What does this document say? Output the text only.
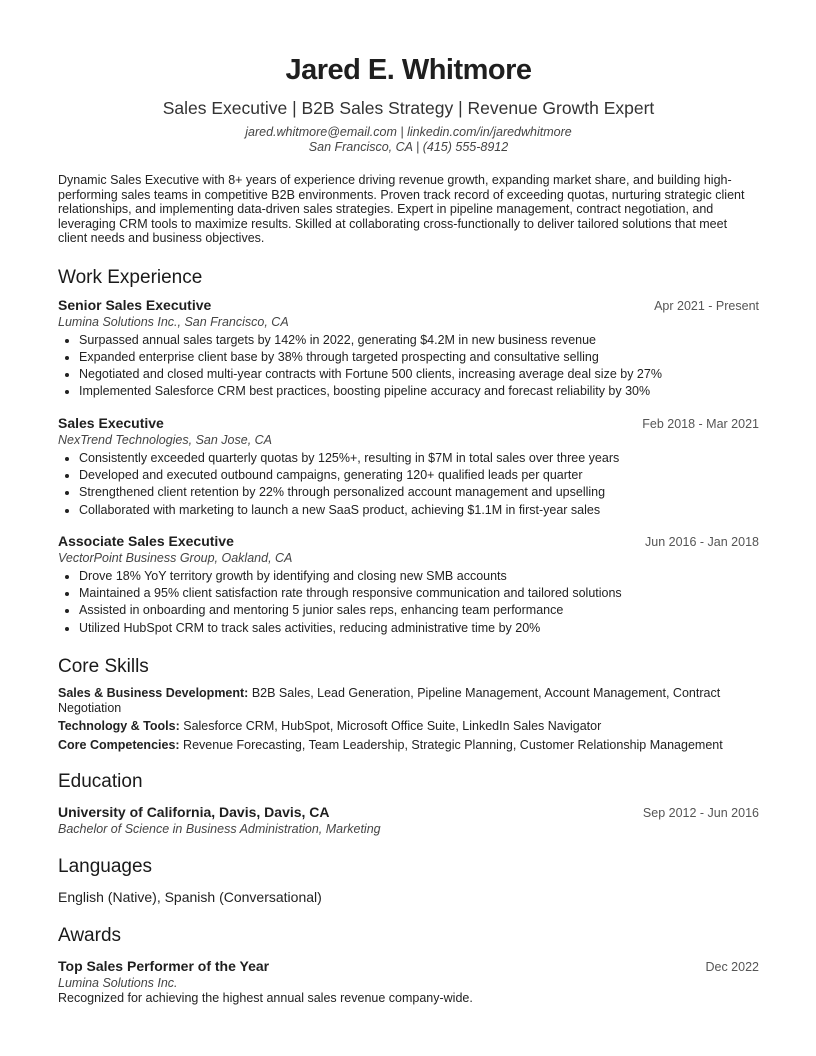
Jared E. Whitmore
Sales Executive | B2B Sales Strategy | Revenue Growth Expert
jared.whitmore@email.com | linkedin.com/in/jaredwhitmore
San Francisco, CA | (415) 555-8912
Dynamic Sales Executive with 8+ years of experience driving revenue growth, expanding market share, and building high-performing sales teams in competitive B2B environments. Proven track record of exceeding quotas, nurturing strategic client relationships, and implementing data-driven sales strategies. Expert in pipeline management, contract negotiation, and leveraging CRM tools to maximize results. Skilled at collaborating cross-functionally to deliver tailored solutions that meet client needs and business objectives.
Work Experience
Senior Sales Executive	Apr 2021 - Present
Lumina Solutions Inc., San Francisco, CA
• Surpassed annual sales targets by 142% in 2022, generating $4.2M in new business revenue
• Expanded enterprise client base by 38% through targeted prospecting and consultative selling
• Negotiated and closed multi-year contracts with Fortune 500 clients, increasing average deal size by 27%
• Implemented Salesforce CRM best practices, boosting pipeline accuracy and forecast reliability by 30%
Sales Executive	Feb 2018 - Mar 2021
NexTrend Technologies, San Jose, CA
• Consistently exceeded quarterly quotas by 125%+, resulting in $7M in total sales over three years
• Developed and executed outbound campaigns, generating 120+ qualified leads per quarter
• Strengthened client retention by 22% through personalized account management and upselling
• Collaborated with marketing to launch a new SaaS product, achieving $1.1M in first-year sales
Associate Sales Executive	Jun 2016 - Jan 2018
VectorPoint Business Group, Oakland, CA
• Drove 18% YoY territory growth by identifying and closing new SMB accounts
• Maintained a 95% client satisfaction rate through responsive communication and tailored solutions
• Assisted in onboarding and mentoring 5 junior sales reps, enhancing team performance
• Utilized HubSpot CRM to track sales activities, reducing administrative time by 20%
Core Skills
Sales & Business Development: B2B Sales, Lead Generation, Pipeline Management, Account Management, Contract Negotiation
Technology & Tools: Salesforce CRM, HubSpot, Microsoft Office Suite, LinkedIn Sales Navigator
Core Competencies: Revenue Forecasting, Team Leadership, Strategic Planning, Customer Relationship Management
Education
University of California, Davis, Davis, CA	Sep 2012 - Jun 2016
Bachelor of Science in Business Administration, Marketing
Languages
English (Native), Spanish (Conversational)
Awards
Top Sales Performer of the Year	Dec 2022
Lumina Solutions Inc.
Recognized for achieving the highest annual sales revenue company-wide.
